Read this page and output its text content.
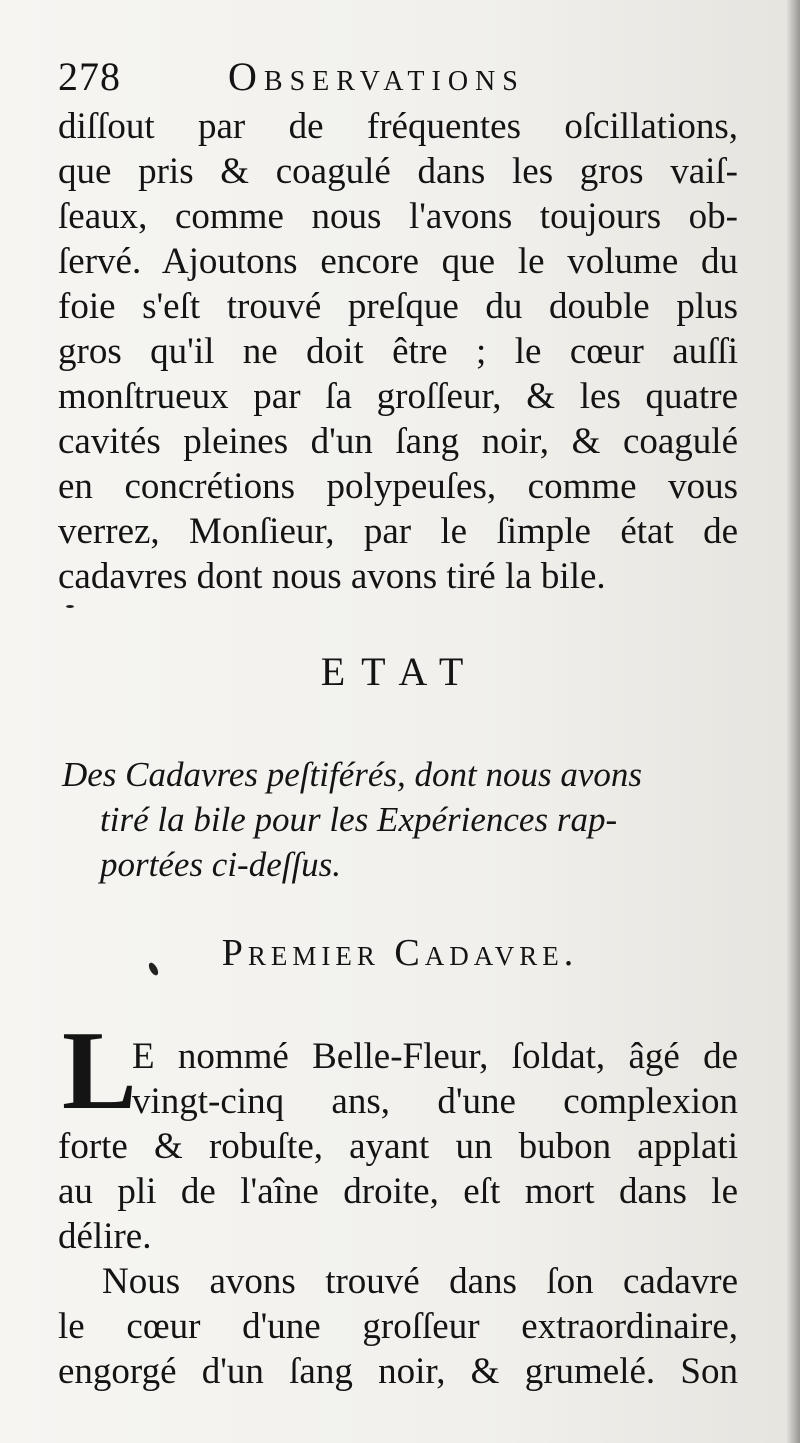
278	Observations
diſſout par de fréquentes oſcillations,
que pris & coagulé dans les gros vaiſ-
ſeaux, comme nous l'avons toujours ob-
ſervé. Ajoutons encore que le volume du
foie s'eſt trouvé preſque du double plus
gros qu'il ne doit être ; le cœur auſſi
monſtrueux par ſa groſſeur, & les quatre
cavités pleines d'un ſang noir, & coagulé
en concrétions polypeuſes, comme vous
verrez, Monſieur, par le ſimple état de
cadavres dont nous avons tiré la bile.
ETAT
Des Cadavres peſtiférés, dont nous avons
tiré la bile pour les Expériences rap-
portées ci-deſſus.
Premier Cadavre.
L
E nommé Belle-Fleur, ſoldat, âgé de
vingt-cinq ans, d'une complexion
forte & robuſte, ayant un bubon applati
au pli de l'aîne droite, eſt mort dans le
délire.
Nous avons trouvé dans ſon cadavre
le cœur d'une groſſeur extraordinaire,
engorgé d'un ſang noir, & grumelé. Son
